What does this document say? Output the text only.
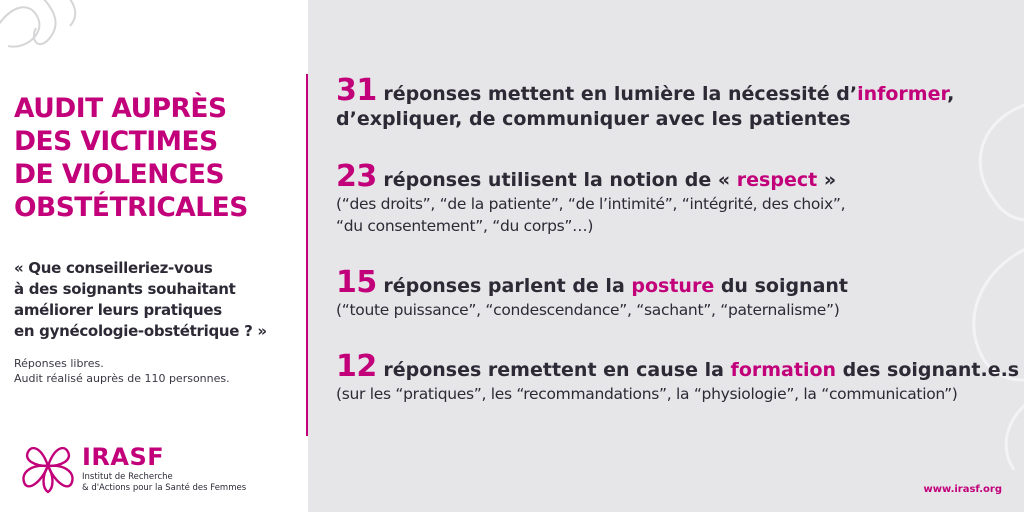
AUDIT AUPRÈS
DES VICTIMES
DE VIOLENCES
OBSTÉTRICALES

« Que conseilleriez-vous
à des soignants souhaitant
améliorer leurs pratiques
en gynécologie-obstétrique ? »

Réponses libres.
Audit réalisé auprès de 110 personnes.
IRASF
Institut de Recherche
& d'Actions pour la Santé des Femmes
31 réponses mettent en lumière la nécessité d’informer,
d’expliquer, de communiquer avec les patientes
23 réponses utilisent la notion de « respect »
(“des droits”, “de la patiente”, “de l’intimité”, “intégrité, des choix”,
“du consentement”, “du corps”…)
15 réponses parlent de la posture du soignant
(“toute puissance”, “condescendance”, “sachant”, “paternalisme”)
12 réponses remettent en cause la formation des soignant.e.s
(sur les “pratiques”, les “recommandations”, la “physiologie”, la “communication”)
www.irasf.org
